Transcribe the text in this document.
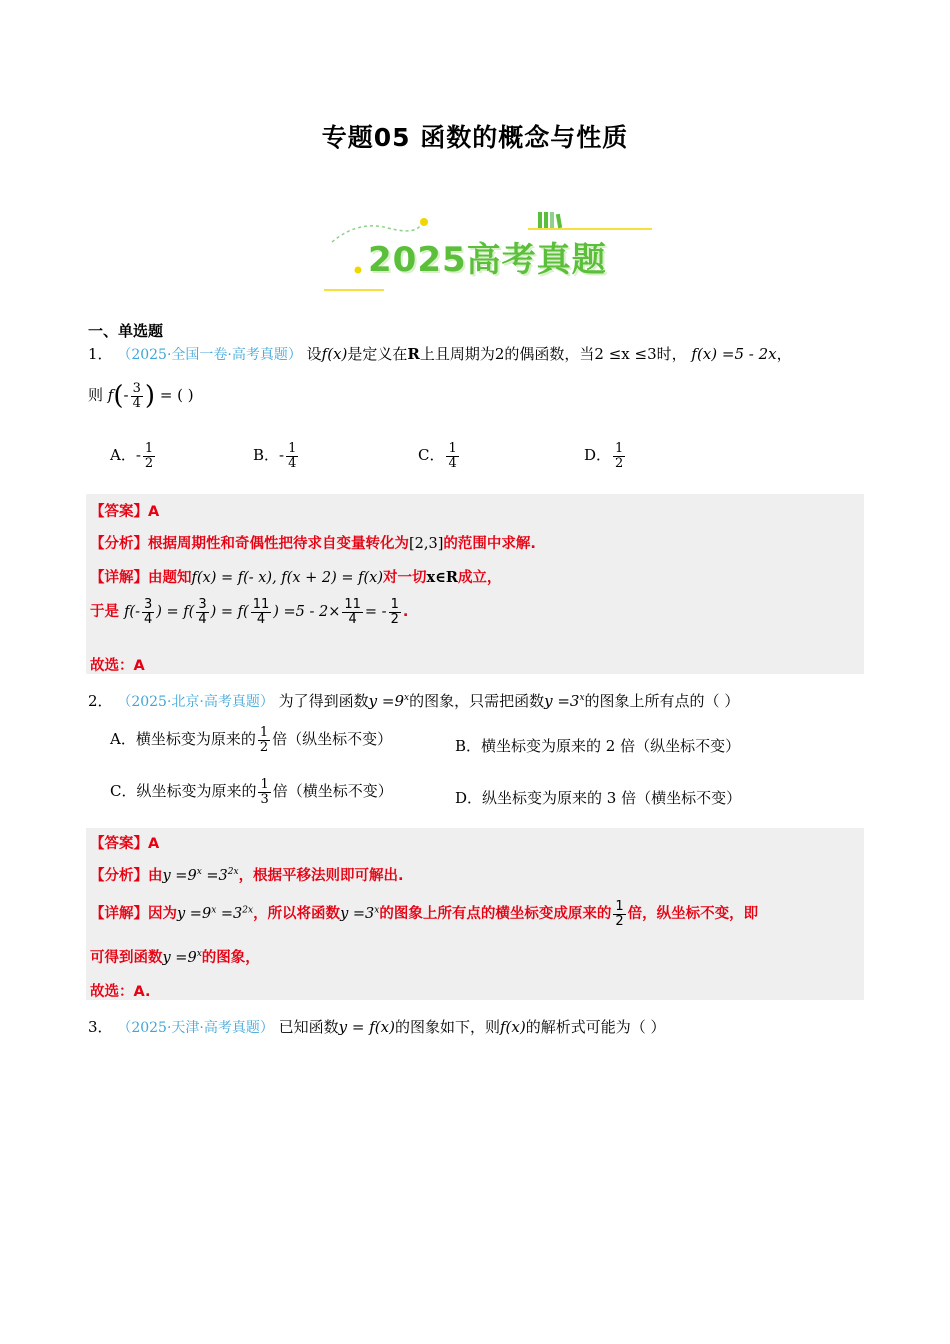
专题05 函数的概念与性质
2025高考真题
一、单选题
1． （2025·全国一卷·高考真题） 设f(x)是定义在R上且周期为2的偶函数，当2 ≤x ≤3时， f(x) =5 - 2x，
则 $f(- \frac{3}{4}$ ) = ( )
A．- $\frac{1}{2}$	B．- $\frac{1}{4}$	C． $\frac{1}{4}$	D． $\frac{1}{2}$
【答案】A
【分析】根据周期性和奇偶性把待求自变量转化为[2,3]的范围中求解.
【详解】由题知f(x) = f(- x), f(x + 2) = f(x)对一切x∈R成立，
于是 $f(- \frac{3}{4}$ ) = $f( \frac{3}{4}$ ) = $f( \frac{11}{4}$ ) $=5 - 2\times \frac{11}{4}$ = - $\frac{1}{2}$ .
故选：A
2． （2025·北京·高考真题） 为了得到函数$y =9^x$的图象，只需把函数$y =3^x$的图象上所有点的（ ）
A．横坐标变为原来的 $\frac{1}{2}$ 倍（纵坐标不变）	B．横坐标变为原来的 2 倍（纵坐标不变）
C．纵坐标变为原来的 $\frac{1}{3}$ 倍（横坐标不变）	D．纵坐标变为原来的 3 倍（横坐标不变）
【答案】A
【分析】由$y =9^x =3^{2x}$，根据平移法则即可解出.
【详解】因为$y =9^x =3^{2x}$，所以将函数$y =3^x$的图象上所有点的横坐标变成原来的 $\frac{1}{2}$ 倍，纵坐标不变，即
可得到函数$y =9^x$的图象，
故选：A.
3． （2025·天津·高考真题） 已知函数y = f(x)的图象如下，则f(x)的解析式可能为（ ）
